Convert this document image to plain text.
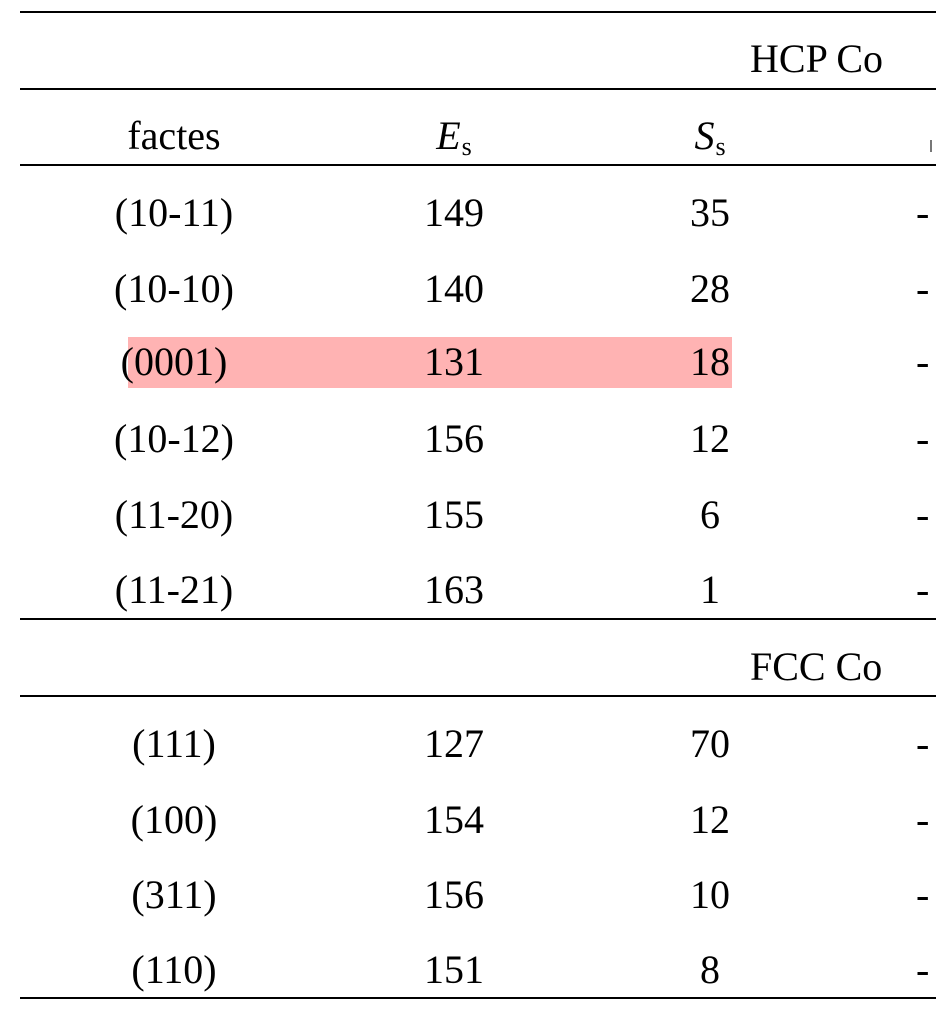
HCP Co
factes	Es	Ss
(10-11)	149	35	-
(10-10)	140	28	-
(0001)	131	18	-
(10-12)	156	12	-
(11-20)	155	6	-
(11-21)	163	1	-
FCC Co
(111)	127	70	-
(100)	154	12	-
(311)	156	10	-
(110)	151	8	-
